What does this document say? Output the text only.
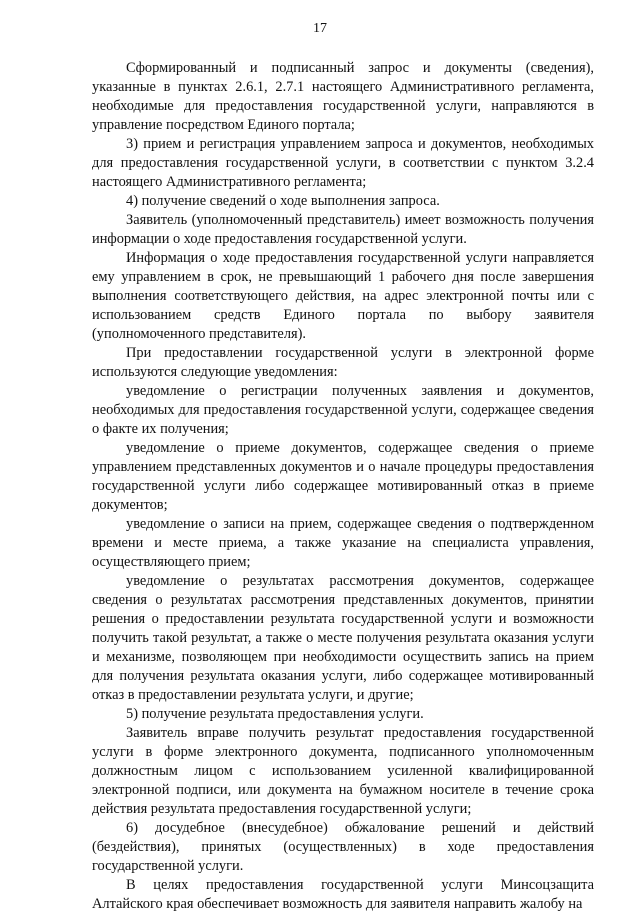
17

Сформированный и подписанный запрос и документы (сведения), указанные в пунктах 2.6.1, 2.7.1 настоящего Административного регламента, необходимые для предоставления государственной услуги, направляются в управление посредством Единого портала;

3) прием и регистрация управлением запроса и документов, необходимых для предоставления государственной услуги, в соответствии с пунктом 3.2.4 настоящего Административного регламента;

4) получение сведений о ходе выполнения запроса.

Заявитель (уполномоченный представитель) имеет возможность получения информации о ходе предоставления государственной услуги.

Информация о ходе предоставления государственной услуги направляется ему управлением в срок, не превышающий 1 рабочего дня после завершения выполнения соответствующего действия, на адрес электронной почты или с использованием средств Единого портала по выбору заявителя (уполномоченного представителя).

При предоставлении государственной услуги в электронной форме используются следующие уведомления:

уведомление о регистрации полученных заявления и документов, необходимых для предоставления государственной услуги, содержащее сведения о факте их получения;

уведомление о приеме документов, содержащее сведения о приеме управлением представленных документов и о начале процедуры предоставления государственной услуги либо содержащее мотивированный отказ в приеме документов;

уведомление о записи на прием, содержащее сведения о подтвержденном времени и месте приема, а также указание на специалиста управления, осуществляющего прием;

уведомление о результатах рассмотрения документов, содержащее сведения о результатах рассмотрения представленных документов, принятии решения о предоставлении результата государственной услуги и возможности получить такой результат, а также о месте получения результата оказания услуги и механизме, позволяющем при необходимости осуществить запись на прием для получения результата оказания услуги, либо содержащее мотивированный отказ в предоставлении результата услуги, и другие;

5) получение результата предоставления услуги.

Заявитель вправе получить результат предоставления государственной услуги в форме электронного документа, подписанного уполномоченным должностным лицом с использованием усиленной квалифицированной электронной подписи, или документа на бумажном носителе в течение срока действия результата предоставления государственной услуги;

6) досудебное (внесудебное) обжалование решений и действий (бездействия), принятых (осуществленных) в ходе предоставления государственной услуги.

В целях предоставления государственной услуги Минсоцзащита Алтайского края обеспечивает возможность для заявителя направить жалобу на
